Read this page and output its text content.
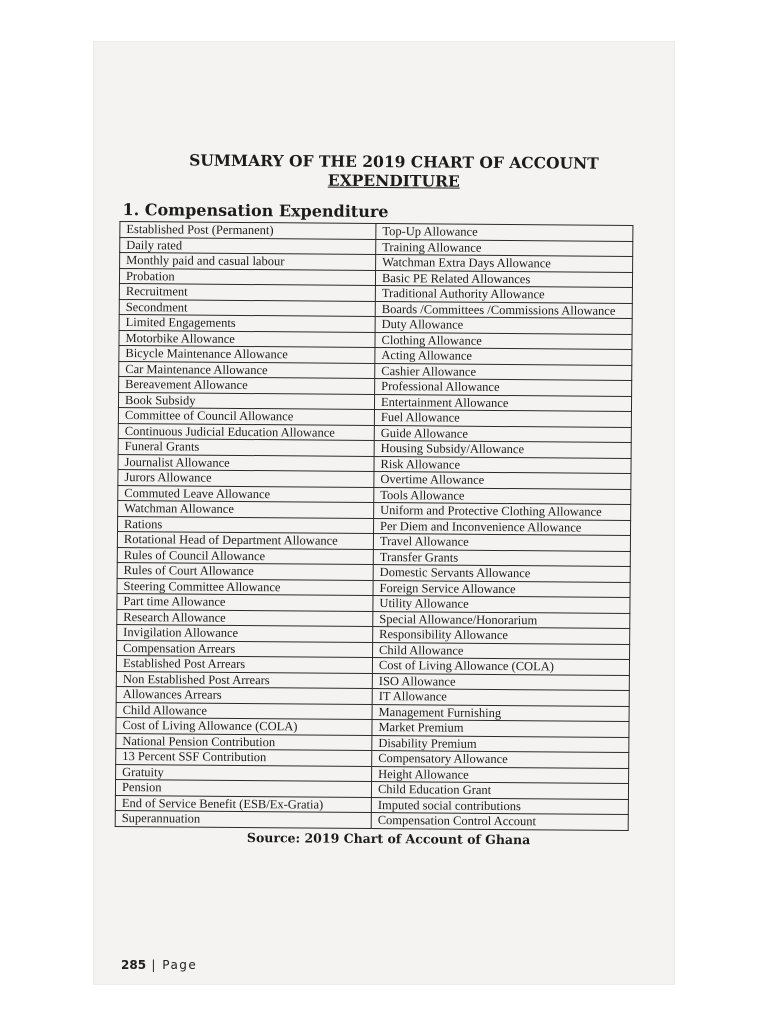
SUMMARY OF THE 2019 CHART OF ACCOUNT
EXPENDITURE
1. Compensation Expenditure
Established Post (Permanent)	Top-Up Allowance
Daily rated	Training Allowance
Monthly paid and casual labour	Watchman Extra Days Allowance
Probation	Basic PE Related Allowances
Recruitment	Traditional Authority Allowance
Secondment	Boards /Committees /Commissions Allowance
Limited Engagements	Duty Allowance
Motorbike Allowance	Clothing Allowance
Bicycle Maintenance Allowance	Acting Allowance
Car Maintenance Allowance	Cashier Allowance
Bereavement Allowance	Professional Allowance
Book Subsidy	Entertainment Allowance
Committee of Council Allowance	Fuel Allowance
Continuous Judicial Education Allowance	Guide Allowance
Funeral Grants	Housing Subsidy/Allowance
Journalist Allowance	Risk Allowance
Jurors Allowance	Overtime Allowance
Commuted Leave Allowance	Tools Allowance
Watchman Allowance	Uniform and Protective Clothing Allowance
Rations	Per Diem and Inconvenience Allowance
Rotational Head of Department Allowance	Travel Allowance
Rules of Council Allowance	Transfer Grants
Rules of Court Allowance	Domestic Servants Allowance
Steering Committee Allowance	Foreign Service Allowance
Part time Allowance	Utility Allowance
Research Allowance	Special Allowance/Honorarium
Invigilation Allowance	Responsibility Allowance
Compensation Arrears	Child Allowance
Established Post Arrears	Cost of Living Allowance (COLA)
Non Established Post Arrears	ISO Allowance
Allowances Arrears	IT Allowance
Child Allowance	Management Furnishing
Cost of Living Allowance (COLA)	Market Premium
National Pension Contribution	Disability Premium
13 Percent SSF Contribution	Compensatory Allowance
Gratuity	Height Allowance
Pension	Child Education Grant
End of Service Benefit (ESB/Ex-Gratia)	Imputed social contributions
Superannuation	Compensation Control Account
Source: 2019 Chart of Account of Ghana
285 | Page
